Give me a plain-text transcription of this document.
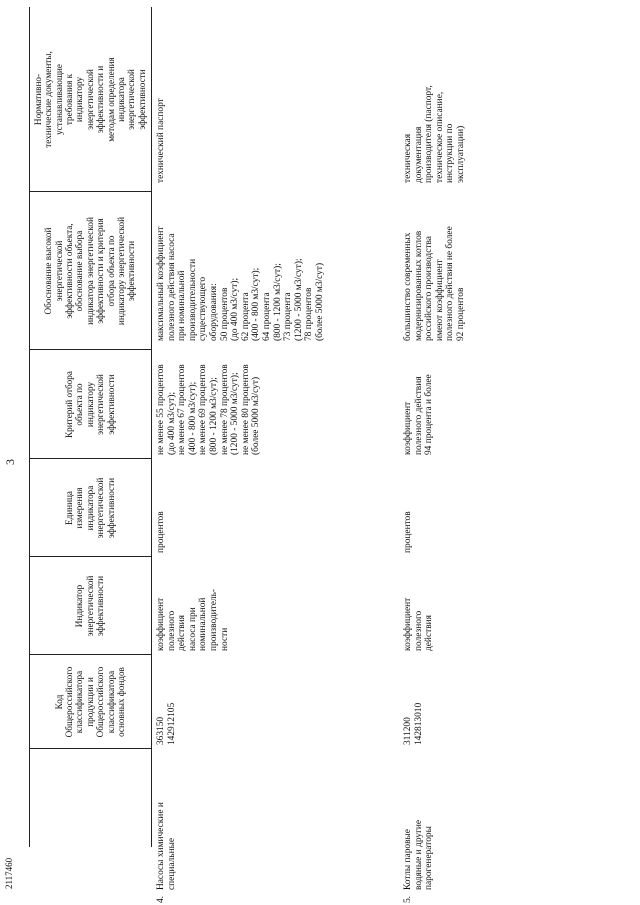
3
2117460
Код
Общероссийского
классификатора
продукции и
Общероссийского
классификатора
основных фондов
Индикатор
энергетической
эффективности
Единица
измерения
индикатора
энергетической
эффективности
Критерий отбора
объекта по
индикатору
энергетической
эффективности
Обоснование высокой
энергетической
эффективности объекта,
обоснование выбора
индикатора энергетической
эффективности и критерия
отбора объекта по
индикатору энергетической
эффективности
Нормативно-
технические документы,
устанавливающие
требования к
индикатору
энергетической
эффективности и
методам определения
индикатора
энергетической
эффективности
4.
Насосы химические и
специальные
363150
142912105
коэффициент
полезного
действия
насоса при
номинальной
производитель-
ности
процентов
не менее 55 процентов
(до 400 м3/сут);
не менее 67 процентов
(400 - 800 м3/сут);
не менее 69 процентов
(800 - 1200 м3/сут);
не менее 78 процентов
(1200 - 5000 м3/сут);
не менее 80 процентов
(более 5000 м3/сут)
максимальный коэффициент
полезного действия насоса
при номинальной
производительности
существующего
оборудования:
50 процентов
(до 400 м3/сут);
62 процента
(400 - 800 м3/сут);
64 процента
(800 - 1200 м3/сут);
73 процента
(1200 - 5000 м3/сут);
78 процентов
(более 5000 м3/сут)
технический паспорт
5.
Котлы паровые
водяные и другие
парогенераторы
311200
142813010
коэффициент
полезного
действия
процентов
коэффициент
полезного действия
94 процента и более
большинство современных
модернизированных котлов
российского производства
имеют коэффициент
полезного действия не более
92 процентов
техническая
документация
производителя (паспорт,
техническое описание,
инструкции по
эксплуатации)
